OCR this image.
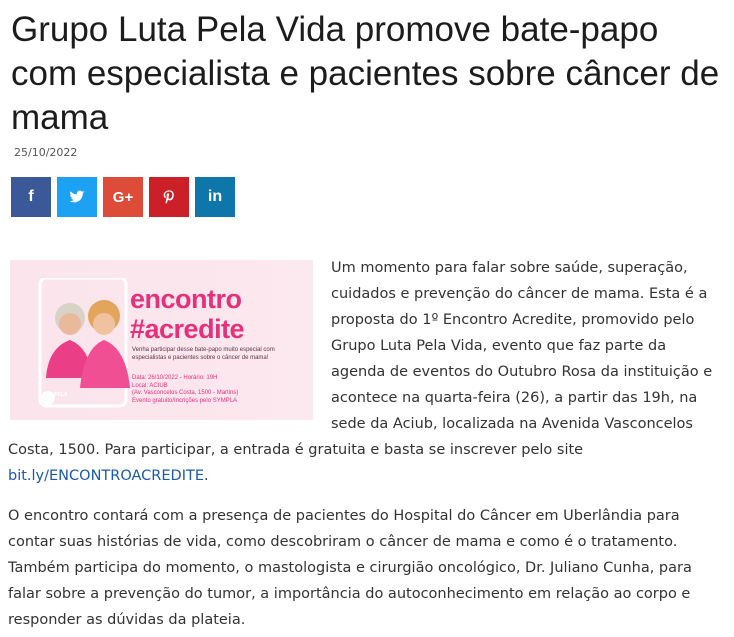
Grupo Luta Pela Vida promove bate-papo com especialista e pacientes sobre câncer de mama
25/10/2022
f	G+	in
encontro
#acredite
Venha participar desse bate-papo muito especial com especialistas e pacientes sobre o câncer de mama!
Data: 26/10/2022 - Horário: 19H
Local: ACIUB
(Av. Vasconcelos Costa, 1500 - Martins)
Evento gratuito/Incrições pelo SYMPLA
LUTA PELA
VIDA

Um momento para falar sobre saúde, superação, cuidados e prevenção do câncer de mama. Esta é a proposta do 1º Encontro Acredite, promovido pelo Grupo Luta Pela Vida, evento que faz parte da agenda de eventos do Outubro Rosa da instituição e acontece na quarta-feira (26), a partir das 19h, na sede da Aciub, localizada na Avenida Vasconcelos Costa, 1500. Para participar, a entrada é gratuita e basta se inscrever pelo site bit.ly/ENCONTROACREDITE.

O encontro contará com a presença de pacientes do Hospital do Câncer em Uberlândia para contar suas histórias de vida, como descobriram o câncer de mama e como é o tratamento. Também participa do momento, o mastologista e cirurgião oncológico, Dr. Juliano Cunha, para falar sobre a prevenção do tumor, a importância do autoconhecimento em relação ao corpo e responder as dúvidas da plateia.
